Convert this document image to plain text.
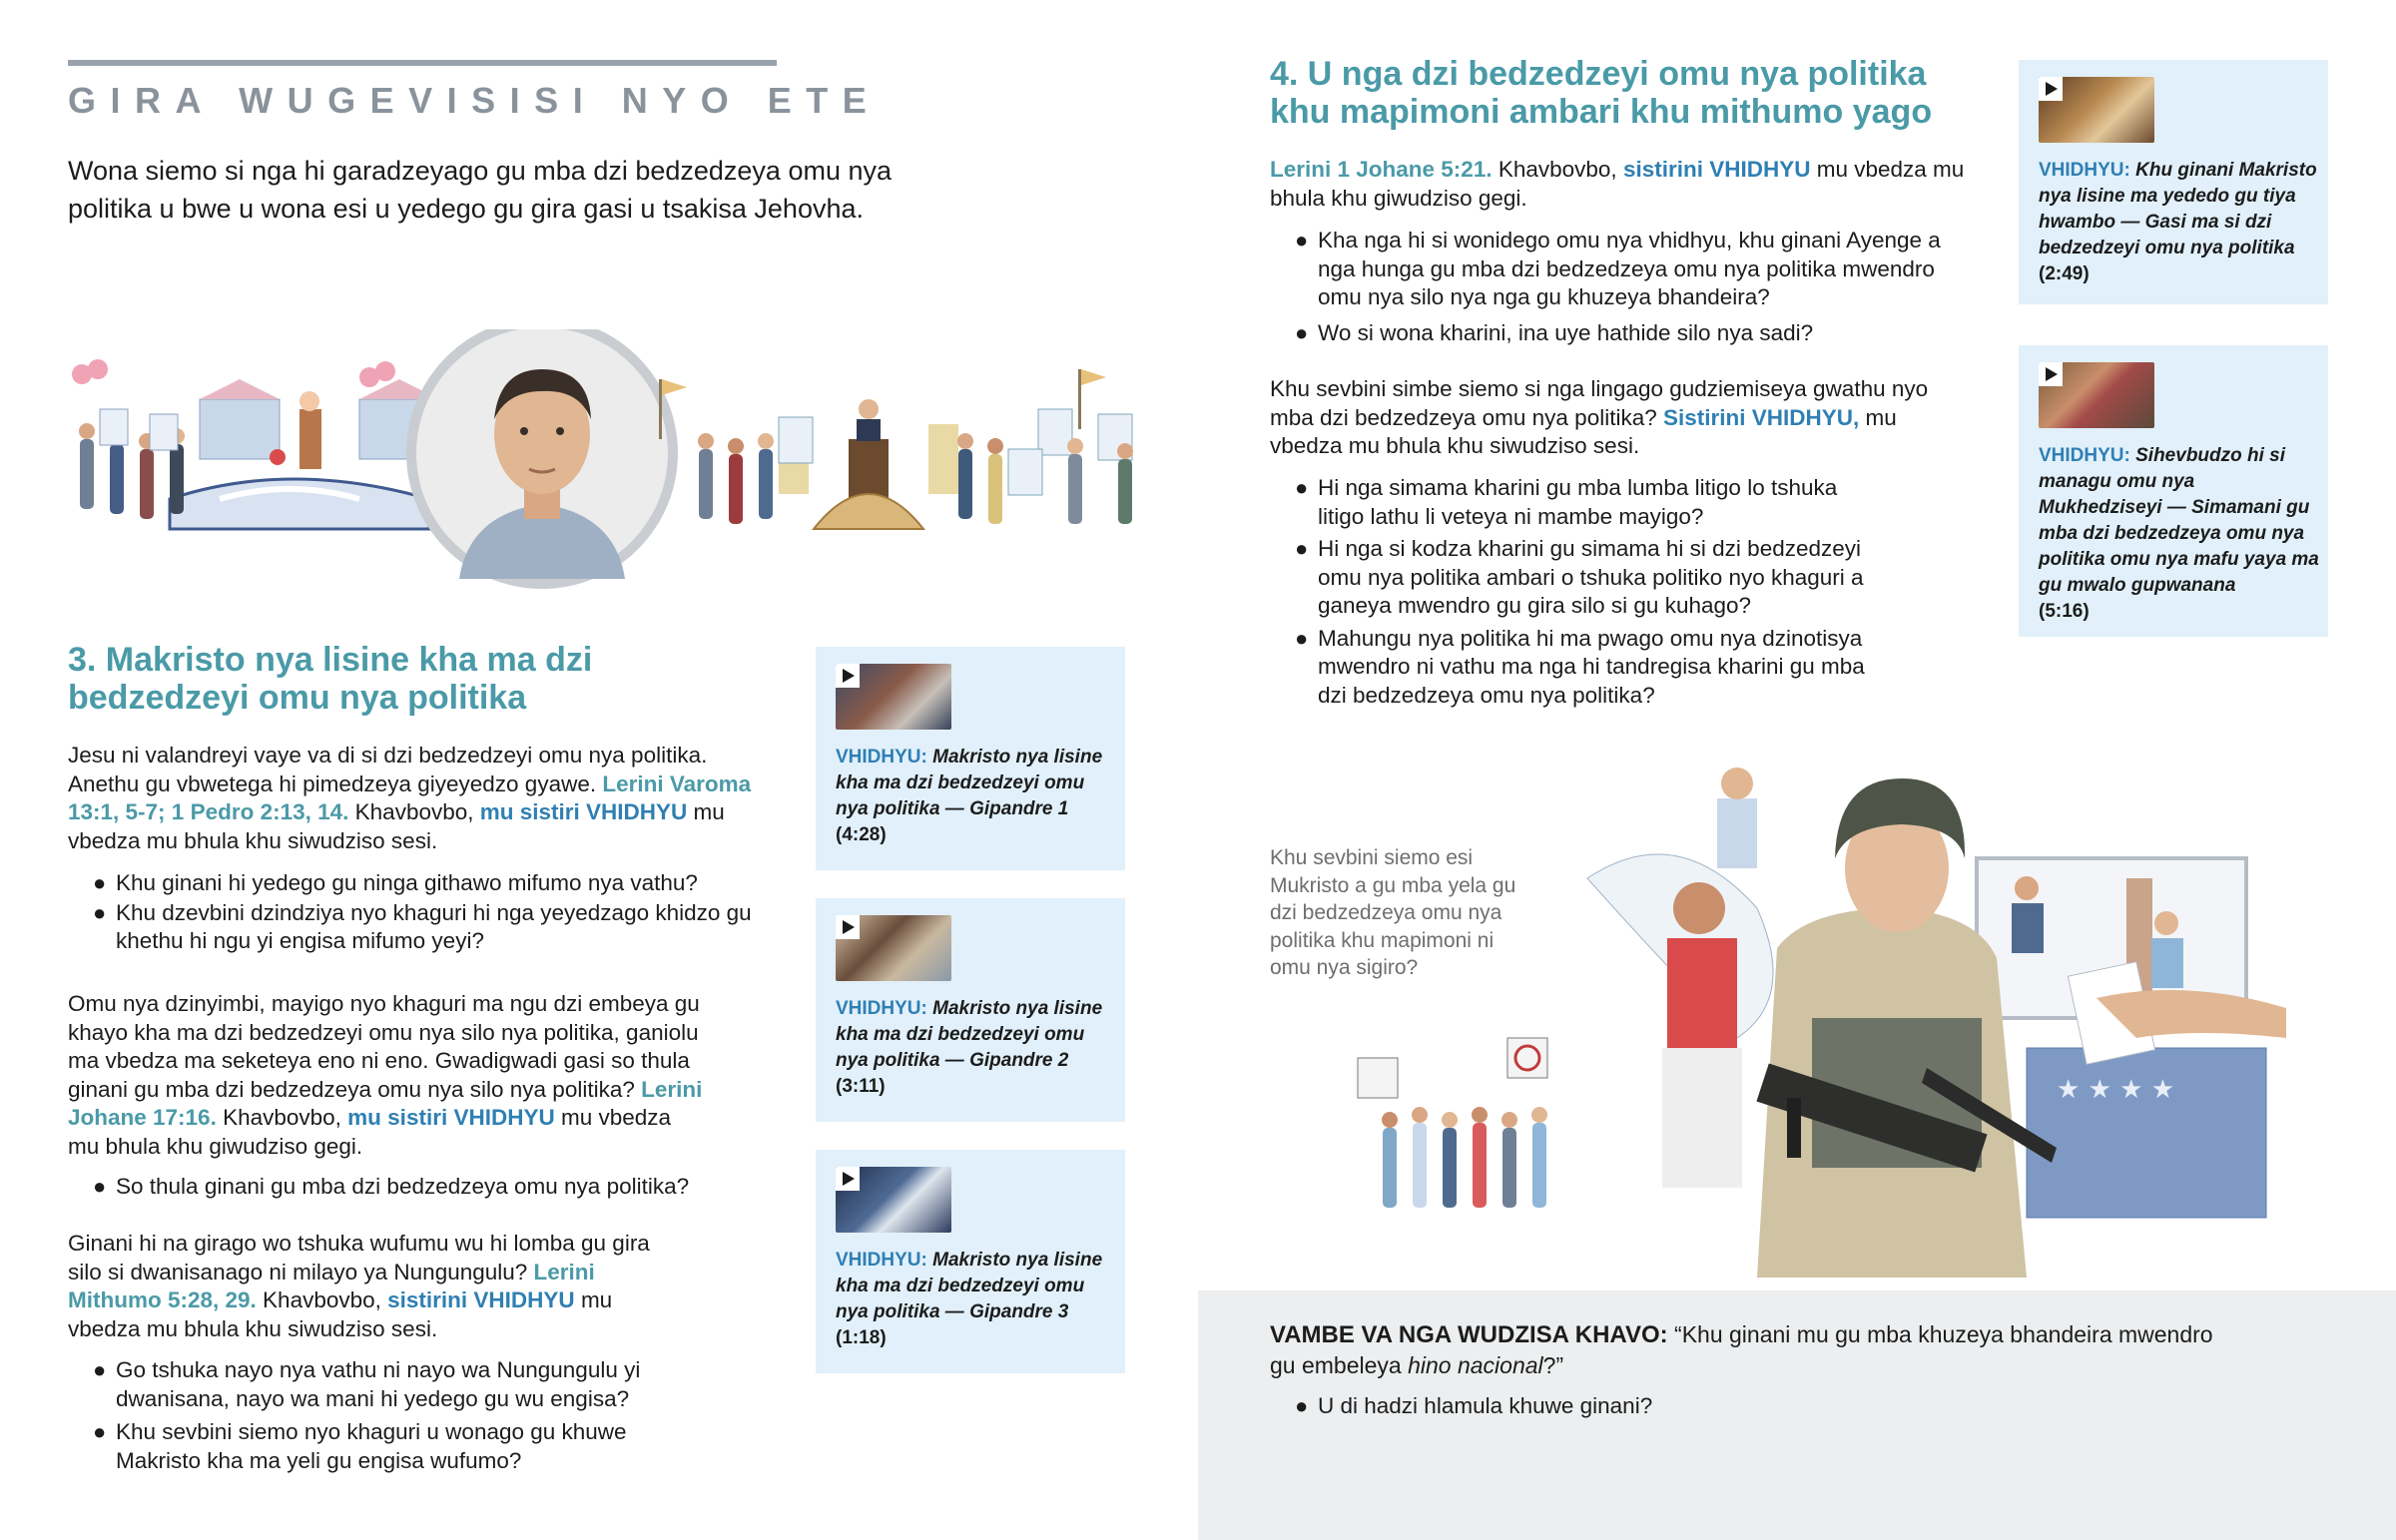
GIRA WUGEVISISI NYO ETE
Wona siemo si nga hi garadzeyago gu mba dzi bedzedzeya omu nya politika u bwe u wona esi u yedego gu gira gasi u tsakisa Jehovha.
3. Makristo nya lisine kha ma dzi bedzedzeyi omu nya politika
Jesu ni valandreyi vaye va di si dzi bedzedzeyi omu nya politika. Anethu gu vbwetega hi pimedzeya giyeyedzo gyawe. Lerini Varoma 13:1, 5-7; 1 Pedro 2:13, 14. Khavbovbo, mu sistiri VHIDHYU mu vbedza mu bhula khu siwudziso sesi.
● Khu ginani hi yedego gu ninga githawo mifumo nya vathu?
● Khu dzevbini dzindziya nyo khaguri hi nga yeyedzago khidzo gu khethu hi ngu yi engisa mifumo yeyi?
Omu nya dzinyimbi, mayigo nyo khaguri ma ngu dzi embeya gu khayo kha ma dzi bedzedzeyi omu nya silo nya politika, ganiolu ma vbedza ma seketeya eno ni eno. Gwadigwadi gasi so thula ginani gu mba dzi bedzedzeya omu nya silo nya politika? Lerini Johane 17:16. Khavbovbo, mu sistiri VHIDHYU mu vbedza mu bhula khu giwudziso gegi.
● So thula ginani gu mba dzi bedzedzeya omu nya politika?
Ginani hi na girago wo tshuka wufumu wu hi lomba gu gira silo si dwanisanago ni milayo ya Nungungulu? Lerini Mithumo 5:28, 29. Khavbovbo, sistirini VHIDHYU mu vbedza mu bhula khu siwudziso sesi.
● Go tshuka nayo nya vathu ni nayo wa Nungungulu yi dwanisana, nayo wa mani hi yedego gu wu engisa?
● Khu sevbini siemo nyo khaguri u wonago gu khuwe Makristo kha ma yeli gu engisa wufumo?
VHIDHYU: Makristo nya lisine kha ma dzi bedzedzeyi omu nya politika — Gipandre 1
(4:28)
VHIDHYU: Makristo nya lisine kha ma dzi bedzedzeyi omu nya politika — Gipandre 2
(3:11)
VHIDHYU: Makristo nya lisine kha ma dzi bedzedzeyi omu nya politika — Gipandre 3
(1:18)
4. U nga dzi bedzedzeyi omu nya politika khu mapimoni ambari khu mithumo yago
Lerini 1 Johane 5:21. Khavbovbo, sistirini VHIDHYU mu vbedza mu bhula khu giwudziso gegi.
● Kha nga hi si wonidego omu nya vhidhyu, khu ginani Ayenge a nga hunga gu mba dzi bedzedzeya omu nya politika mwendro omu nya silo nya nga gu khuzeya bhandeira?
● Wo si wona kharini, ina uye hathide silo nya sadi?
Khu sevbini simbe siemo si nga lingago gudziemiseya gwathu nyo mba dzi bedzedzeya omu nya politika? Sistirini VHIDHYU, mu vbedza mu bhula khu siwudziso sesi.
● Hi nga simama kharini gu mba lumba litigo lo tshuka litigo lathu li veteya ni mambe mayigo?
● Hi nga si kodza kharini gu simama hi si dzi bedzedzeyi omu nya politika ambari o tshuka politiko nyo khaguri a ganeya mwendro gu gira silo si gu kuhago?
● Mahungu nya politika hi ma pwago omu nya dzinotisya mwendro ni vathu ma nga hi tandregisa kharini gu mba dzi bedzedzeya omu nya politika?
VHIDHYU: Khu ginani Makristo nya lisine ma yededo gu tiya hwambo — Gasi ma si dzi bedzedzeyi omu nya politika
(2:49)
VHIDHYU: Sihevbudzo hi si managu omu nya Mukhedziseyi — Simamani gu mba dzi bedzedzeya omu nya politika omu nya mafu yaya ma gu mwalo gupwanana
(5:16)
★ ★ ★ ★
Khu sevbini siemo esi Mukristo a gu mba yela gu dzi bedzedzeya omu nya politika khu mapimoni ni omu nya sigiro?
VAMBE VA NGA WUDZISA KHAVO: “Khu ginani mu gu mba khuzeya bhandeira mwendro gu embeleya hino nacional?”
● U di hadzi hlamula khuwe ginani?
